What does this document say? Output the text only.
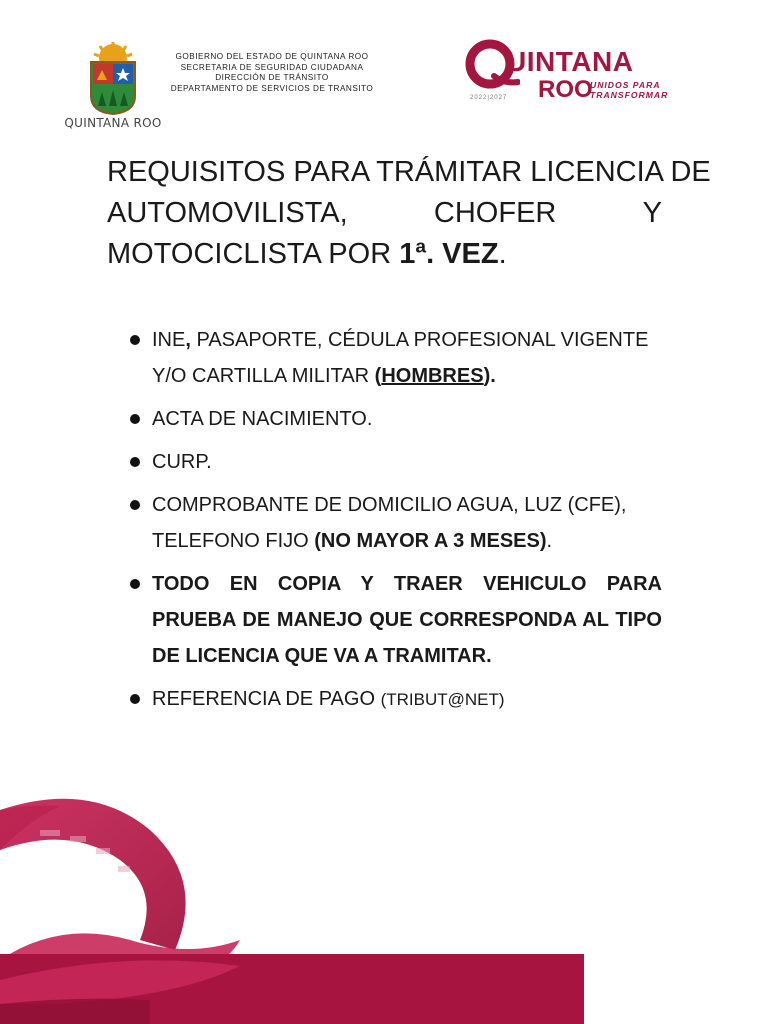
QUINTANA ROO
GOBIERNO DEL ESTADO DE QUINTANA ROO
SECRETARIA DE SEGURIDAD CIUDADANA
DIRECCIÓN DE TRÁNSITO
DEPARTAMENTO DE SERVICIOS DE TRANSITO
UINTANA
ROO
UNIDOS PARA
TRANSFORMAR
2022|2027
REQUISITOS PARA TRÁMITAR LICENCIA DE
AUTOMOVILISTA,	CHOFER	Y
MOTOCICLISTA POR 1ª. VEZ.
INE, PASAPORTE, CÉDULA PROFESIONAL VIGENTE Y/O CARTILLA MILITAR (HOMBRES).
ACTA DE NACIMIENTO.
CURP.
COMPROBANTE DE DOMICILIO AGUA, LUZ (CFE), TELEFONO FIJO (NO MAYOR A 3 MESES).
TODO EN COPIA Y TRAER VEHICULO PARA PRUEBA DE MANEJO QUE CORRESPONDA AL TIPO DE LICENCIA QUE VA A TRAMITAR.
REFERENCIA DE PAGO (TRIBUT@NET)
